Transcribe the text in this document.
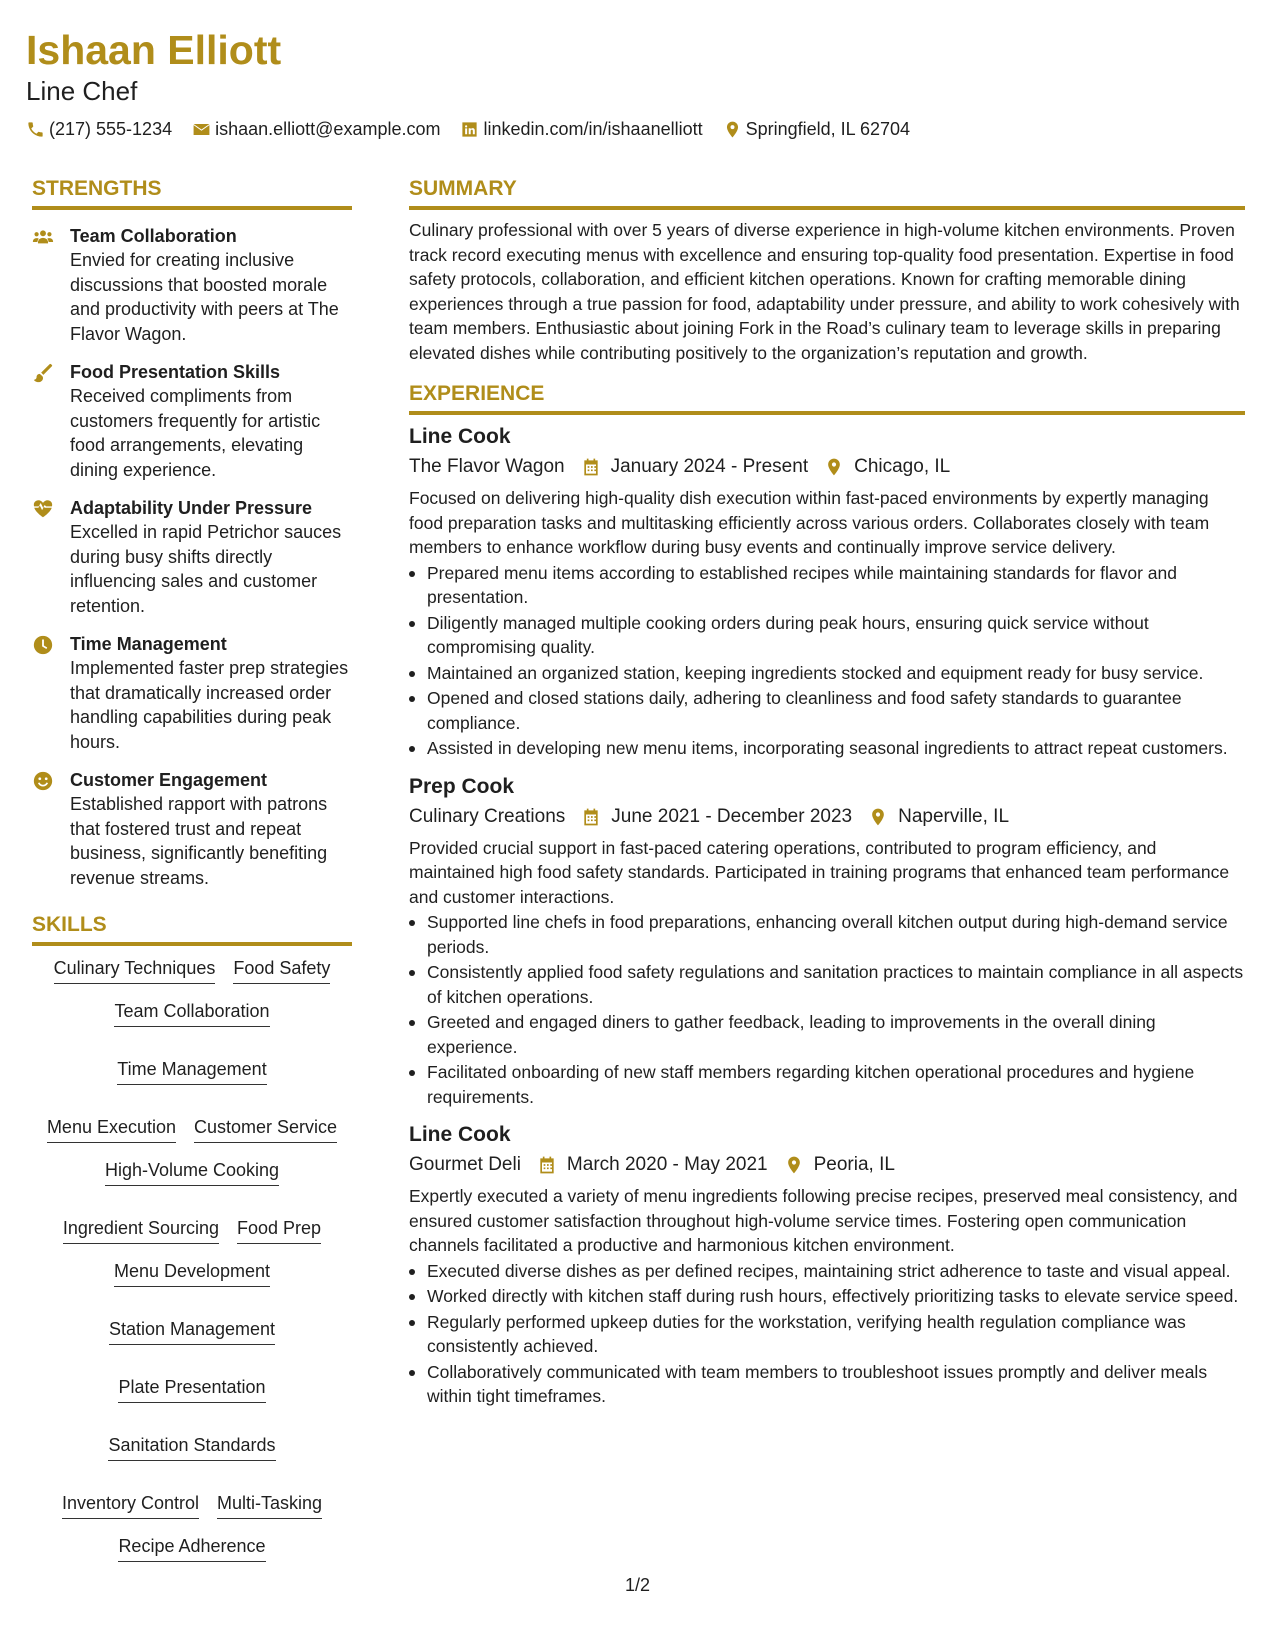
Ishaan Elliott
Line Chef
(217) 555-1234 ishaan.elliott@example.com linkedin.com/in/ishaanelliott Springfield, IL 62704
STRENGTHS
Team Collaboration
Envied for creating inclusive discussions that boosted morale and productivity with peers at The Flavor Wagon.
Food Presentation Skills
Received compliments from customers frequently for artistic food arrangements, elevating dining experience.
Adaptability Under Pressure
Excelled in rapid Petrichor sauces during busy shifts directly influencing sales and customer retention.
Time Management
Implemented faster prep strategies that dramatically increased order handling capabilities during peak hours.
Customer Engagement
Established rapport with patrons that fostered trust and repeat business, significantly benefiting revenue streams.
SKILLS
Culinary Techniques Food Safety
Team Collaboration
Time Management
Menu Execution Customer Service
High-Volume Cooking
Ingredient Sourcing Food Prep
Menu Development
Station Management
Plate Presentation
Sanitation Standards
Inventory Control Multi-Tasking
Recipe Adherence
SUMMARY
Culinary professional with over 5 years of diverse experience in high-volume kitchen environments. Proven track record executing menus with excellence and ensuring top-quality food presentation. Expertise in food safety protocols, collaboration, and efficient kitchen operations. Known for crafting memorable dining experiences through a true passion for food, adaptability under pressure, and ability to work cohesively with team members. Enthusiastic about joining Fork in the Road’s culinary team to leverage skills in preparing elevated dishes while contributing positively to the organization’s reputation and growth.
EXPERIENCE
Line Cook
The Flavor Wagon January 2024 - Present Chicago, IL
Focused on delivering high-quality dish execution within fast-paced environments by expertly managing food preparation tasks and multitasking efficiently across various orders. Collaborates closely with team members to enhance workflow during busy events and continually improve service delivery.
Prepared menu items according to established recipes while maintaining standards for flavor and presentation.
Diligently managed multiple cooking orders during peak hours, ensuring quick service without compromising quality.
Maintained an organized station, keeping ingredients stocked and equipment ready for busy service.
Opened and closed stations daily, adhering to cleanliness and food safety standards to guarantee compliance.
Assisted in developing new menu items, incorporating seasonal ingredients to attract repeat customers.
Prep Cook
Culinary Creations June 2021 - December 2023 Naperville, IL
Provided crucial support in fast-paced catering operations, contributed to program efficiency, and maintained high food safety standards. Participated in training programs that enhanced team performance and customer interactions.
Supported line chefs in food preparations, enhancing overall kitchen output during high-demand service periods.
Consistently applied food safety regulations and sanitation practices to maintain compliance in all aspects of kitchen operations.
Greeted and engaged diners to gather feedback, leading to improvements in the overall dining experience.
Facilitated onboarding of new staff members regarding kitchen operational procedures and hygiene requirements.
Line Cook
Gourmet Deli March 2020 - May 2021 Peoria, IL
Expertly executed a variety of menu ingredients following precise recipes, preserved meal consistency, and ensured customer satisfaction throughout high-volume service times. Fostering open communication channels facilitated a productive and harmonious kitchen environment.
Executed diverse dishes as per defined recipes, maintaining strict adherence to taste and visual appeal.
Worked directly with kitchen staff during rush hours, effectively prioritizing tasks to elevate service speed.
Regularly performed upkeep duties for the workstation, verifying health regulation compliance was consistently achieved.
Collaboratively communicated with team members to troubleshoot issues promptly and deliver meals within tight timeframes.
1/2
